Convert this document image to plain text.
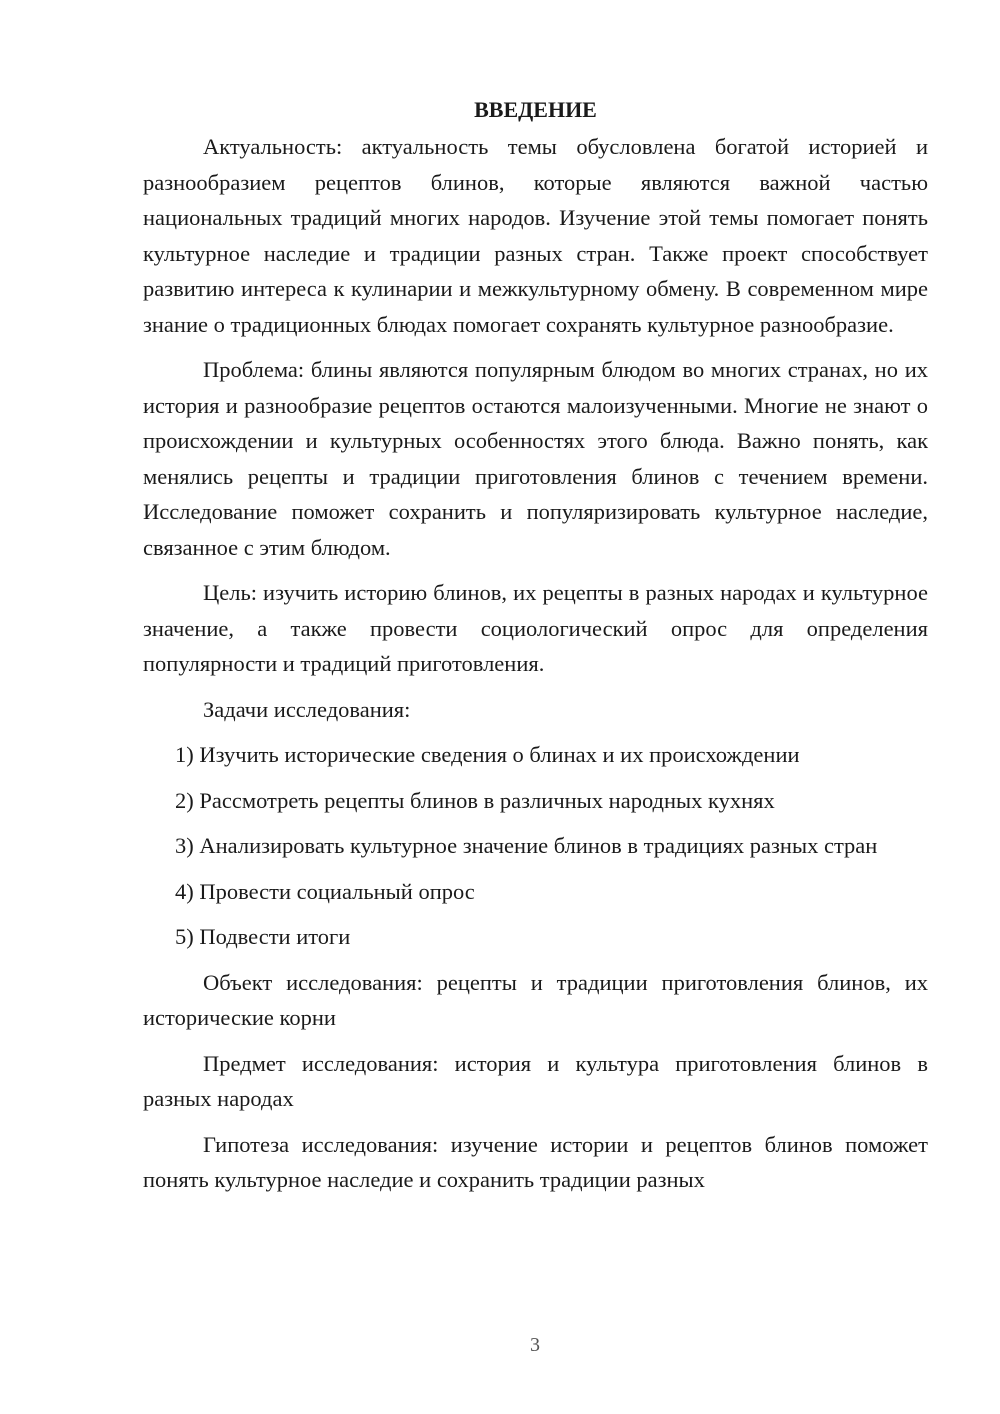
ВВЕДЕНИЕ

Актуальность: актуальность темы обусловлена богатой историей и разнообразием рецептов блинов, которые являются важной частью национальных традиций многих народов. Изучение этой темы помогает понять культурное наследие и традиции разных стран. Также проект способствует развитию интереса к кулинарии и межкультурному обмену. В современном мире знание о традиционных блюдах помогает сохранять культурное разнообразие.

Проблема: блины являются популярным блюдом во многих странах, но их история и разнообразие рецептов остаются малоизученными. Многие не знают о происхождении и культурных особенностях этого блюда. Важно понять, как менялись рецепты и традиции приготовления блинов с течением времени. Исследование поможет сохранить и популяризировать культурное наследие, связанное с этим блюдом.

Цель: изучить историю блинов, их рецепты в разных народах и культурное значение, а также провести социологический опрос для определения популярности и традиций приготовления.

Задачи исследования:

1) Изучить исторические сведения о блинах и их происхождении

2) Рассмотреть рецепты блинов в различных народных кухнях

3) Анализировать культурное значение блинов в традициях разных стран

4) Провести социальный опрос

5) Подвести итоги

Объект исследования: рецепты и традиции приготовления блинов, их исторические корни

Предмет исследования: история и культура приготовления блинов в разных народах

Гипотеза исследования: изучение истории и рецептов блинов поможет понять культурное наследие и сохранить традиции разных

3
